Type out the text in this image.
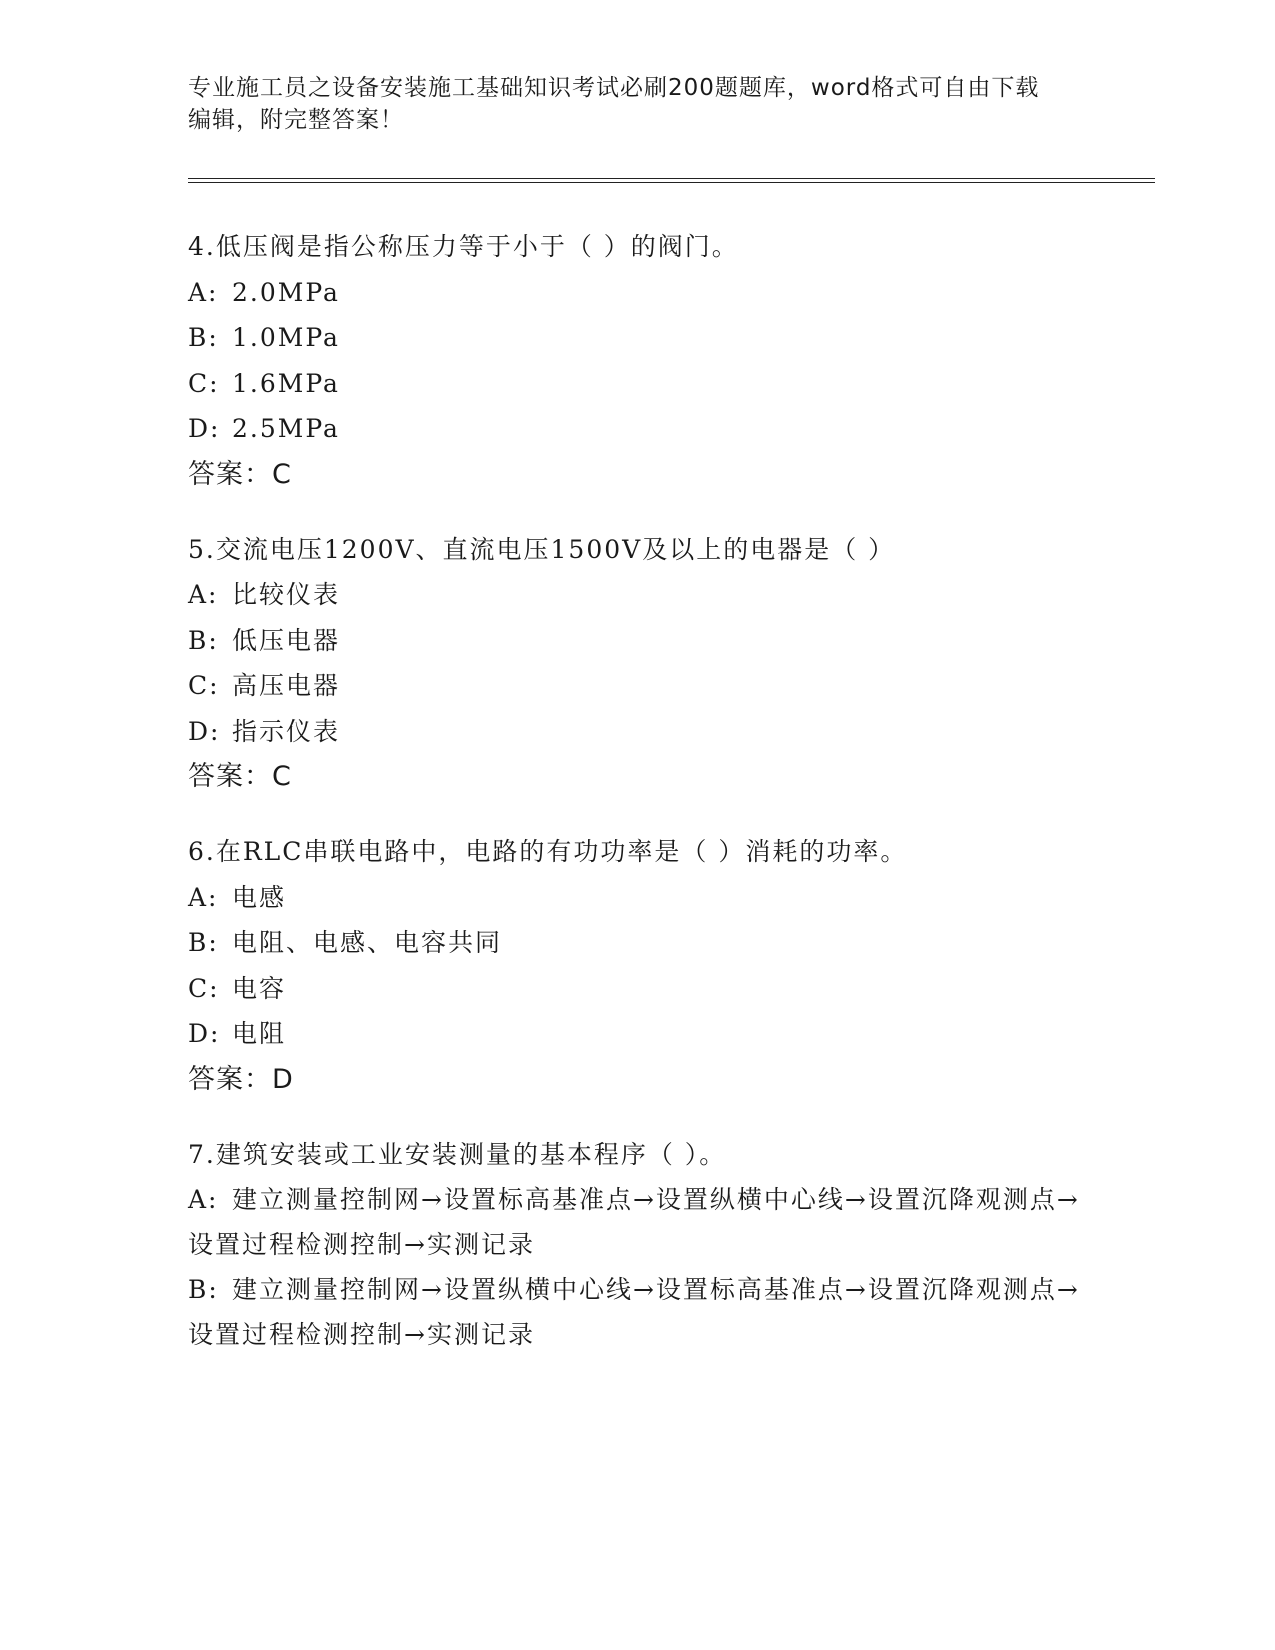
专业施工员之设备安装施工基础知识考试必刷200题题库，word格式可自由下载
编辑，附完整答案！
4.低压阀是指公称压力等于小于（ ）的阀门。
A: 2.0MPa
B: 1.0MPa
C: 1.6MPa
D: 2.5MPa
答案：C
5.交流电压1200V、直流电压1500V及以上的电器是（ ）
A: 比较仪表
B: 低压电器
C: 高压电器
D: 指示仪表
答案：C
6.在RLC串联电路中，电路的有功功率是（ ）消耗的功率。
A: 电感
B: 电阻、电感、电容共同
C: 电容
D: 电阻
答案：D
7.建筑安装或工业安装测量的基本程序（ ）。
A: 建立测量控制网→设置标高基准点→设置纵横中心线→设置沉降观测点→设置过程检测控制→实测记录
B: 建立测量控制网→设置纵横中心线→设置标高基准点→设置沉降观测点→设置过程检测控制→实测记录
